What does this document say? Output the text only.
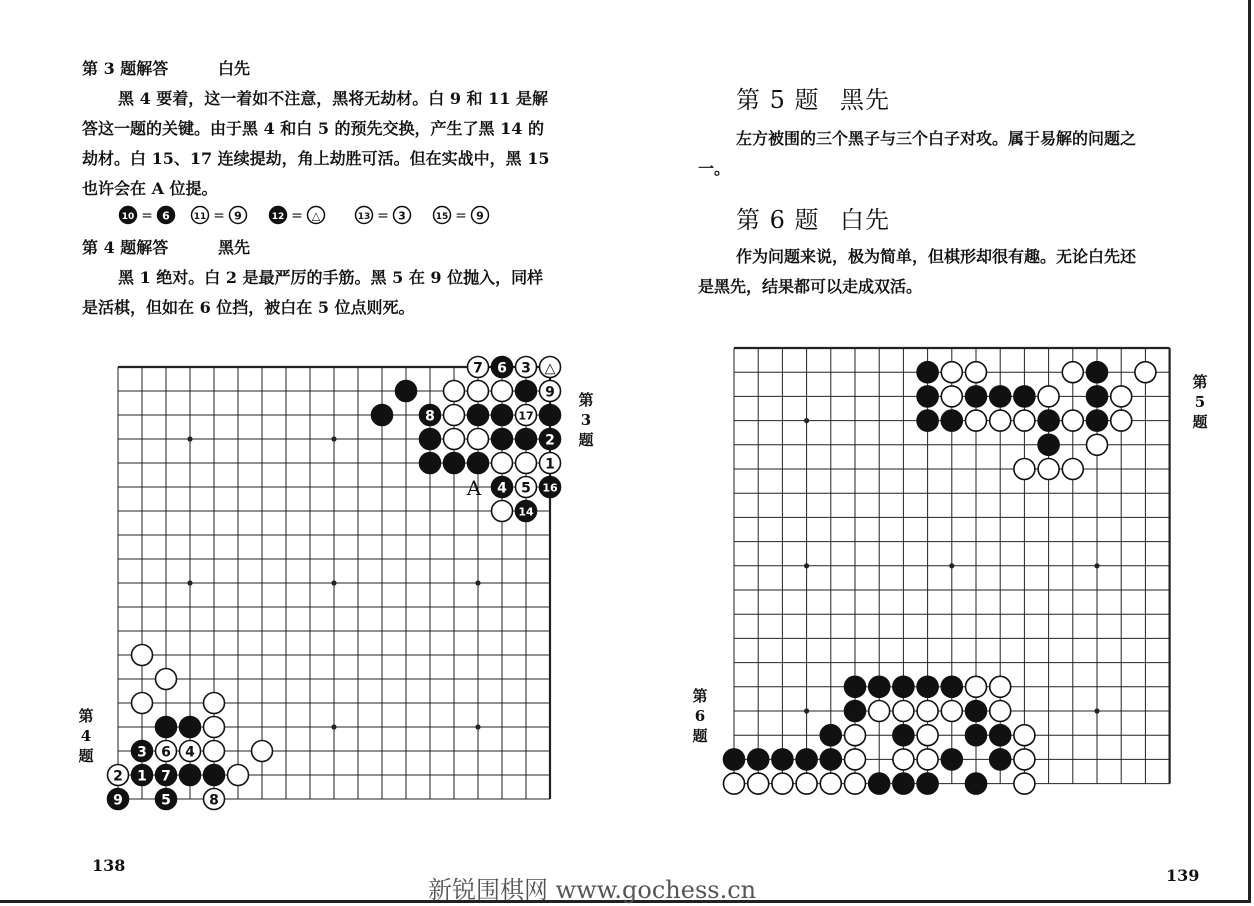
第 3 题解答	白先
黑 4 要着，这一着如不注意，黑将无劫材。白 9 和 11 是解
答这一题的关键。由于黑 4 和白 5 的预先交换，产生了黑 14 的
劫材。白 15、17 连续提劫，角上劫胜可活。但在实战中，黑 15
也许会在 A 位提。
7 6 3 △
9
8	17
2
1
4 5 16
14
3 6 4
2 1 7
9	5	8
A
10	6
=	11	9
=	12	△
=	13	3
=	15	9
=
第 4 题解答	黑先
黑 1 绝对。白 2 是最严厉的手筋。黑 5 在 9 位抛入，同样
是活棋，但如在 6 位挡，被白在 5 位点则死。
第
3
题
第
4
题
138
第 5 题 黑先
左方被围的三个黑子与三个白子对攻。属于易解的问题之
一。
第 6 题 白先
作为问题来说，极为简单，但棋形却很有趣。无论白先还
是黑先，结果都可以走成双活。
第
5
题
第
6
题
139
新锐围棋网 www.gochess.cn
